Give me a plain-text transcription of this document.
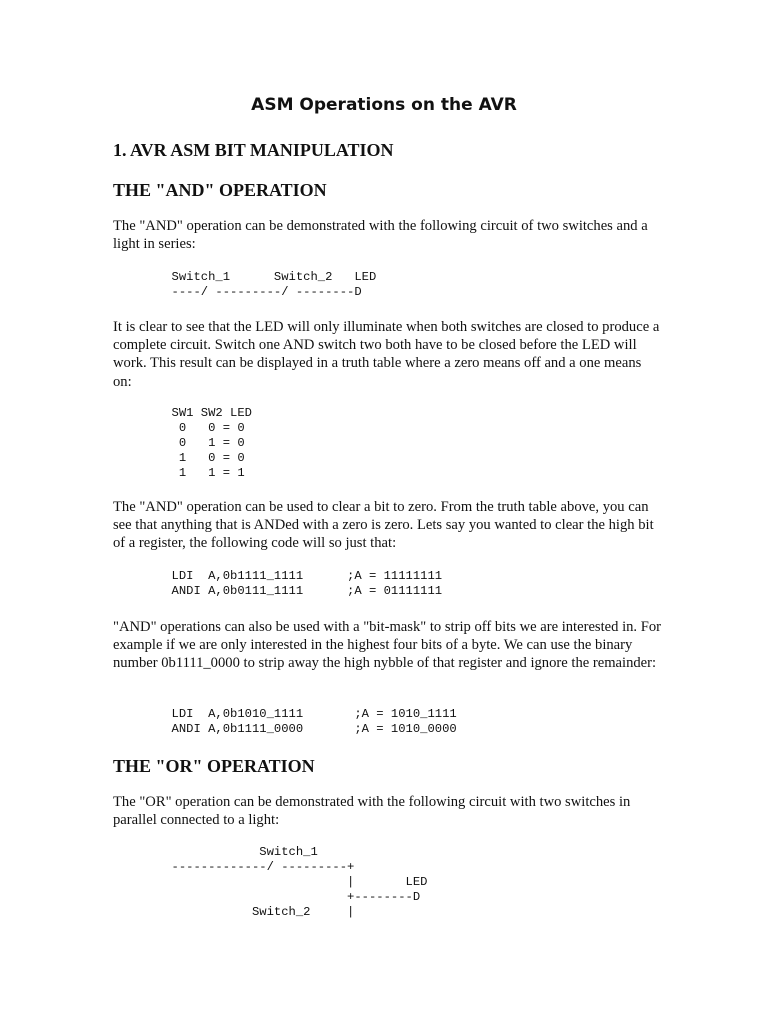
ASM Operations on the AVR
1. AVR ASM BIT MANIPULATION
THE "AND" OPERATION

The "AND" operation can be demonstrated with the following circuit of two switches and a light in series:

Switch_1      Switch_2   LED
----/ ---------/ --------D

It is clear to see that the LED will only illuminate when both switches are closed to produce a complete circuit. Switch one AND switch two both have to be closed before the LED will work. This result can be displayed in a truth table where a zero means off and a one means on:

SW1 SW2 LED
0   0 = 0
0   1 = 0
1   0 = 0
1   1 = 1

The "AND" operation can be used to clear a bit to zero. From the truth table above, you can see that anything that is ANDed with a zero is zero. Lets say you wanted to clear the high bit of a register, the following code will so just that:

LDI  A,0b1111_1111      ;A = 11111111
ANDI A,0b0111_1111      ;A = 01111111

"AND" operations can also be used with a "bit-mask" to strip off bits we are interested in. For example if we are only interested in the highest four bits of a byte. We can use the binary number 0b1111_0000 to strip away the high nybble of that register and ignore the remainder:

LDI  A,0b1010_1111       ;A = 1010_1111
ANDI A,0b1111_0000       ;A = 1010_0000
THE "OR" OPERATION

The "OR" operation can be demonstrated with the following circuit with two switches in parallel connected to a light:

Switch_1
-------------/ ---------+
|       LED
+--------D
Switch_2     |
